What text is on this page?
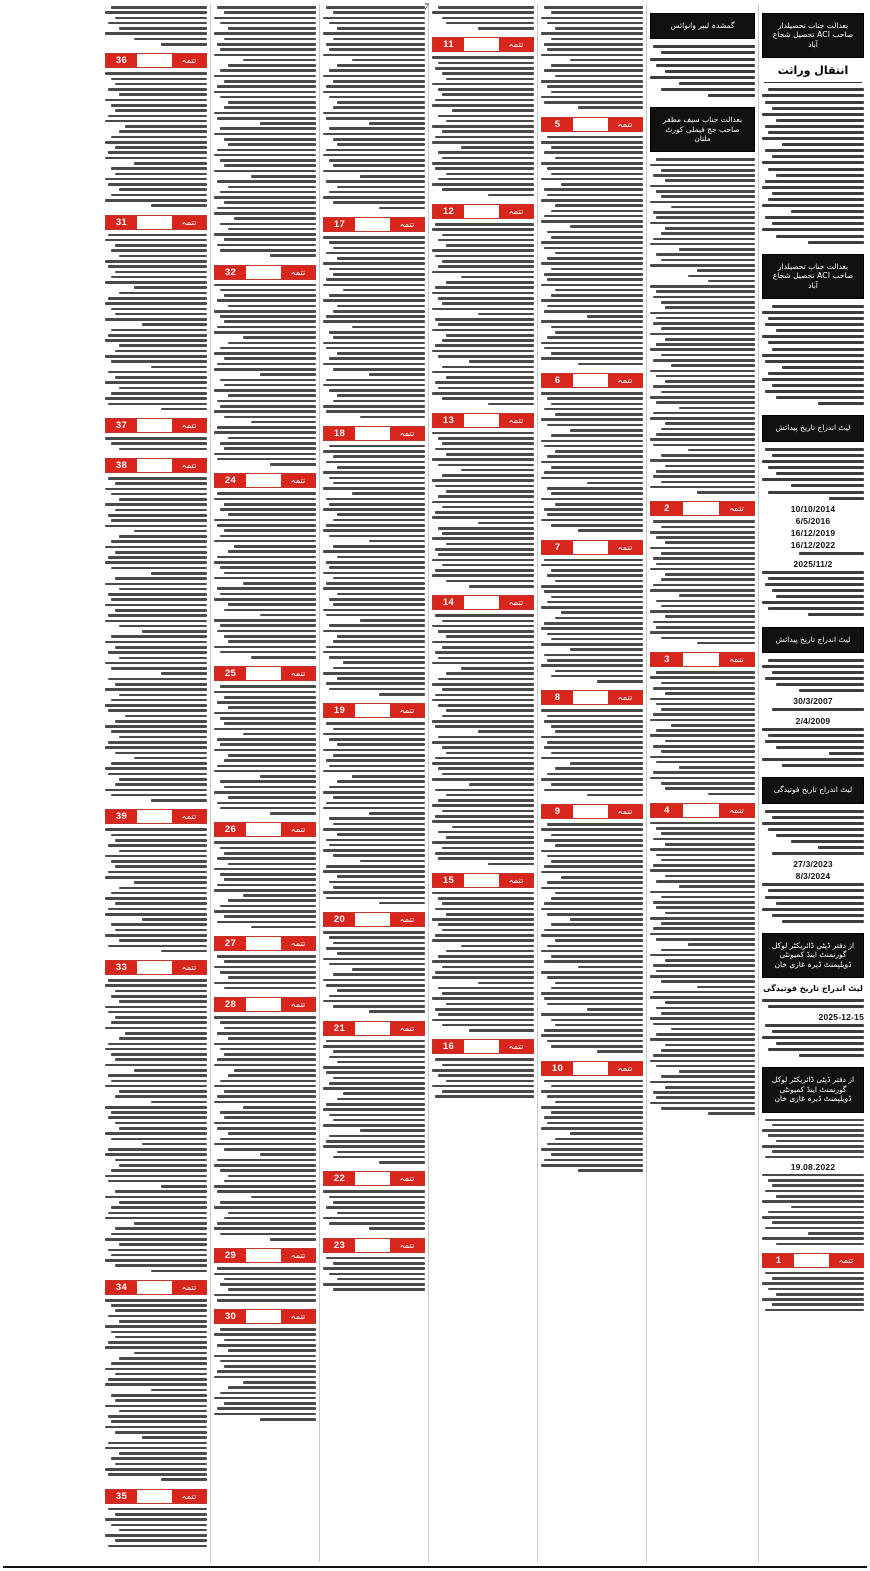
7
بعدالت جناب تحصیلدار صاحب ACI تحصیل شجاع آباد
انتقال وراثت
بعدالت جناب تحصیلدار صاحب ACI تحصیل شجاع آباد
لیٹ اندراج تاریخ پیدائش
10/10/2014
6/5/2016
16/12/2019
16/12/2022
2025/11/2
لیٹ اندراج تاریخ پیدائش
30/3/2007
2/4/2009
لیٹ اندراج تاریخ فوتیدگی
27/3/2023
8/3/2024
از دفتر ڈپٹی ڈائریکٹر لوکل گورنمنٹ اینڈ کمیونٹی ڈویلپمنٹ ڈیرہ غازی خان
لیٹ اندراج تاریخ فوتیدگی
2025-12-15
از دفتر ڈپٹی ڈائریکٹر لوکل گورنمنٹ اینڈ کمیونٹی ڈویلپمنٹ ڈیرہ غازی خان
19.08.2022
1	تتمہ
گمشدہ لیبر وانوائس
بعدالت جناب سیف مظفر صاحب جج فیملی کورٹ ملتان
2	تتمہ
3	تتمہ
4	تتمہ
5	تتمہ
6	تتمہ
7	تتمہ
8	تتمہ
9	تتمہ
10	تتمہ
11	تتمہ
12	تتمہ
13	تتمہ
14	تتمہ
15	تتمہ
16	تتمہ
17	تتمہ
18	تتمہ
19	تتمہ
20	تتمہ
21	تتمہ
22	تتمہ
23	تتمہ
32	تتمہ
24	تتمہ
25	تتمہ
26	تتمہ
27	تتمہ
28	تتمہ
29	تتمہ
30	تتمہ
36	تتمہ
31	تتمہ
37	تتمہ
38	تتمہ
39	تتمہ
33	تتمہ
34	تتمہ
35	تتمہ
